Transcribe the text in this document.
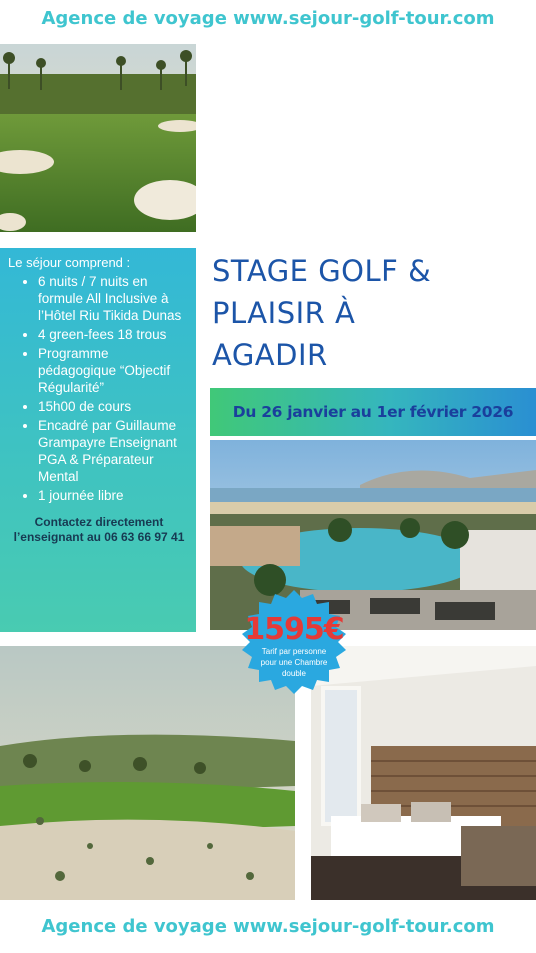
Agence de voyage www.sejour-golf-tour.com
Le séjour comprend :
• 6 nuits / 7 nuits en formule All Inclusive à l’Hôtel Riu Tikida Dunas
• 4 green-fees 18 trous
• Programme pédagogique “Objectif Régularité”
• 15h00 de cours
• Encadré par Guillaume Grampayre Enseignant PGA & Préparateur Mental
• 1 journée libre
Contactez directement
l’enseignant au 06 63 66 97 41
STAGE GOLF &
PLAISIR À
AGADIR
Du 26 janvier au 1er février 2026
1595€
Tarif par personne pour une Chambre double
Agence de voyage www.sejour-golf-tour.com
